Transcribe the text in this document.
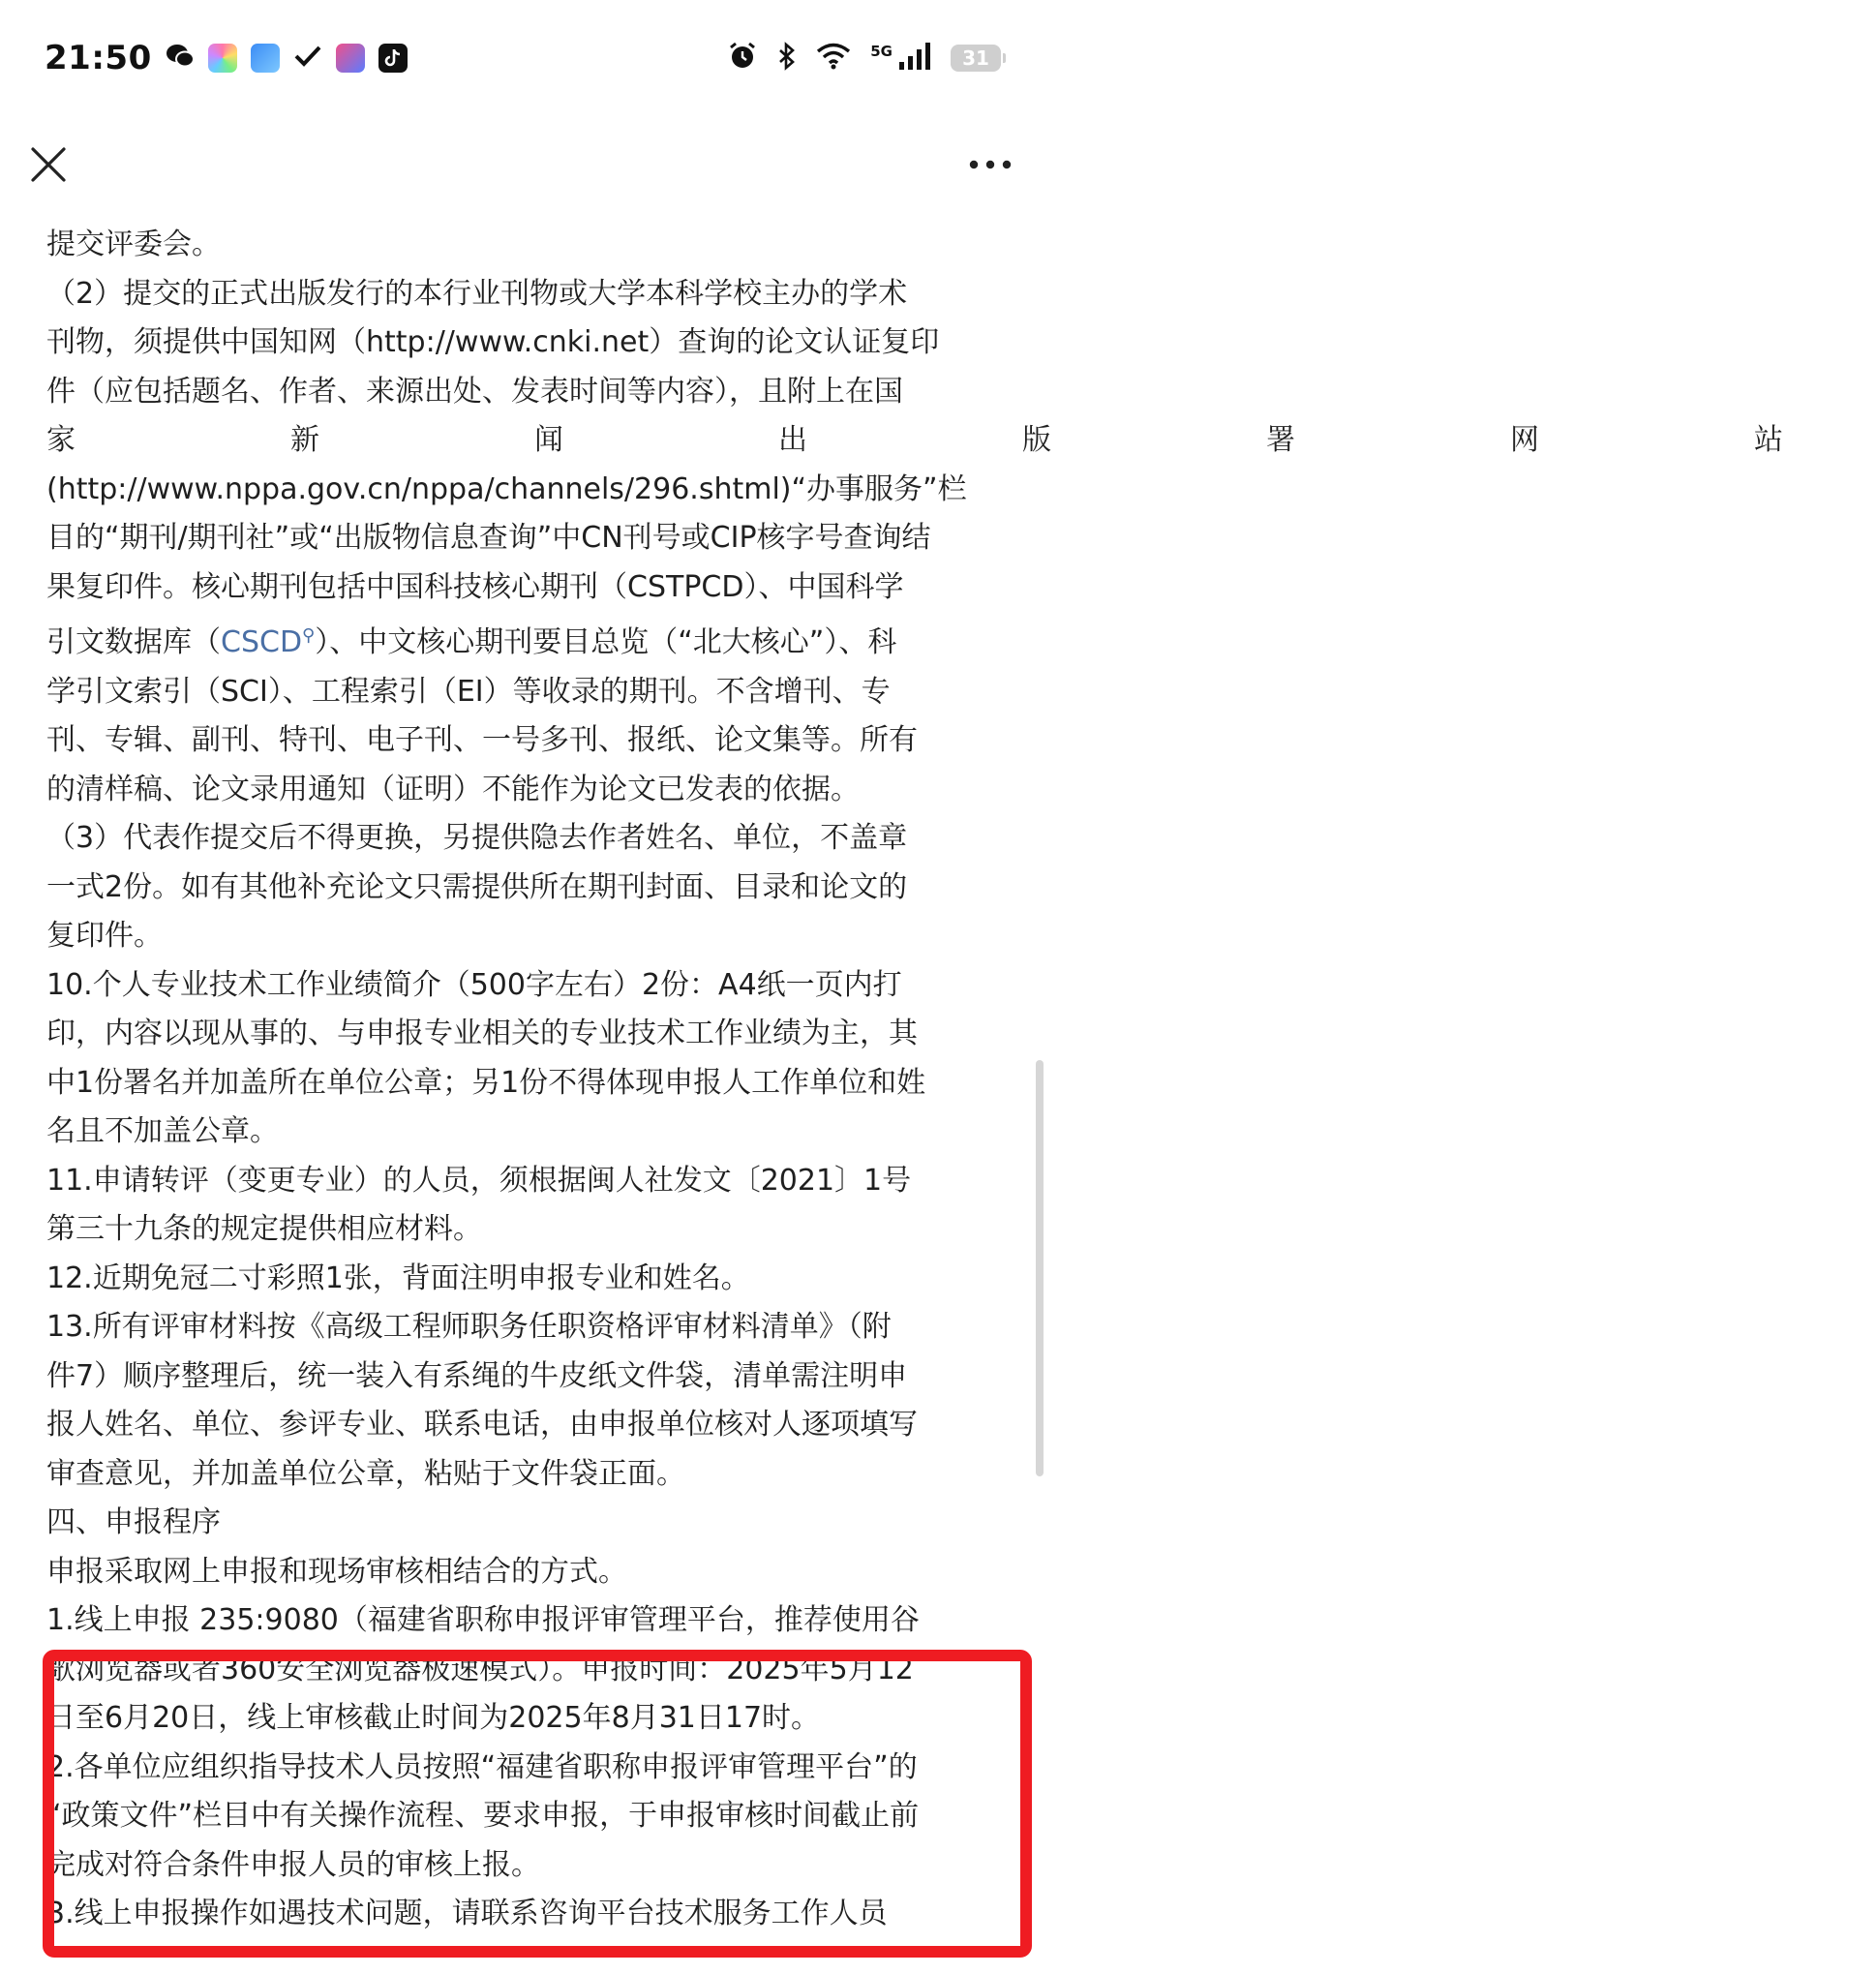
21:50	5G	31
提交评委会。
（2）提交的正式出版发行的本行业刊物或大学本科学校主办的学术
刊物，须提供中国知网（http://www.cnki.net）查询的论文认证复印
件（应包括题名、作者、来源出处、发表时间等内容），且附上在国
家　新　闻　出　版　署　网　站
(http://www.nppa.gov.cn/nppa/channels/296.shtml)“办事服务”栏
目的“期刊/期刊社”或“出版物信息查询”中CN刊号或CIP核字号查询结
果复印件。核心期刊包括中国科技核心期刊（CSTPCD）、中国科学
引文数据库（CSCD⚲）、中文核心期刊要目总览（“北大核心”）、科
学引文索引（SCI）、工程索引（EI）等收录的期刊。不含增刊、专
刊、专辑、副刊、特刊、电子刊、一号多刊、报纸、论文集等。所有
的清样稿、论文录用通知（证明）不能作为论文已发表的依据。
（3）代表作提交后不得更换，另提供隐去作者姓名、单位，不盖章
一式2份。如有其他补充论文只需提供所在期刊封面、目录和论文的
复印件。
10.个人专业技术工作业绩简介（500字左右）2份：A4纸一页内打
印，内容以现从事的、与申报专业相关的专业技术工作业绩为主，其
中1份署名并加盖所在单位公章；另1份不得体现申报人工作单位和姓
名且不加盖公章。
11.申请转评（变更专业）的人员，须根据闽人社发文〔2021〕1号
第三十九条的规定提供相应材料。
12.近期免冠二寸彩照1张，背面注明申报专业和姓名。
13.所有评审材料按《高级工程师职务任职资格评审材料清单》（附
件7）顺序整理后，统一装入有系绳的牛皮纸文件袋，清单需注明申
报人姓名、单位、参评专业、联系电话，由申报单位核对人逐项填写
审查意见，并加盖单位公章，粘贴于文件袋正面。
四、申报程序
申报采取网上申报和现场审核相结合的方式。
1.线上申报 235:9080（福建省职称申报评审管理平台，推荐使用谷
歌浏览器或者360安全浏览器极速模式）。申报时间：2025年5月12
日至6月20日，线上审核截止时间为2025年8月31日17时。
2.各单位应组织指导技术人员按照“福建省职称申报评审管理平台”的
“政策文件”栏目中有关操作流程、要求申报，于申报审核时间截止前
完成对符合条件申报人员的审核上报。
3.线上申报操作如遇技术问题，请联系咨询平台技术服务工作人员
